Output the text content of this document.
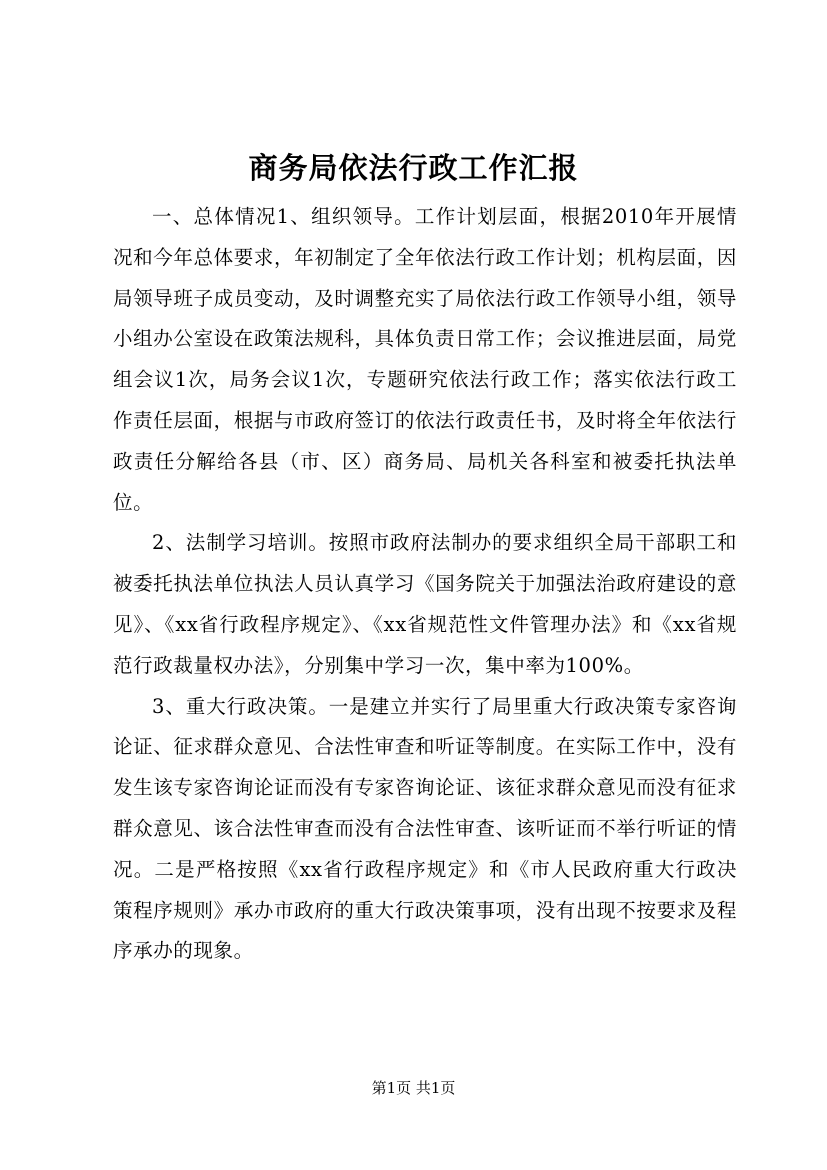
商务局依法行政工作汇报

一、总体情况1、组织领导。工作计划层面，根据2010年开展情况和今年总体要求，年初制定了全年依法行政工作计划；机构层面，因局领导班子成员变动，及时调整充实了局依法行政工作领导小组，领导小组办公室设在政策法规科，具体负责日常工作；会议推进层面，局党组会议1次，局务会议1次，专题研究依法行政工作；落实依法行政工作责任层面，根据与市政府签订的依法行政责任书，及时将全年依法行政责任分解给各县（市、区）商务局、局机关各科室和被委托执法单位。

2、法制学习培训。按照市政府法制办的要求组织全局干部职工和被委托执法单位执法人员认真学习《国务院关于加强法治政府建设的意见》、《xx省行政程序规定》、《xx省规范性文件管理办法》和《xx省规范行政裁量权办法》，分别集中学习一次，集中率为100%。

3、重大行政决策。一是建立并实行了局里重大行政决策专家咨询论证、征求群众意见、合法性审查和听证等制度。在实际工作中，没有发生该专家咨询论证而没有专家咨询论证、该征求群众意见而没有征求群众意见、该合法性审查而没有合法性审查、该听证而不举行听证的情况。二是严格按照《xx省行政程序规定》和《市人民政府重大行政决策程序规则》承办市政府的重大行政决策事项，没有出现不按要求及程序承办的现象。

第1页 共1页
